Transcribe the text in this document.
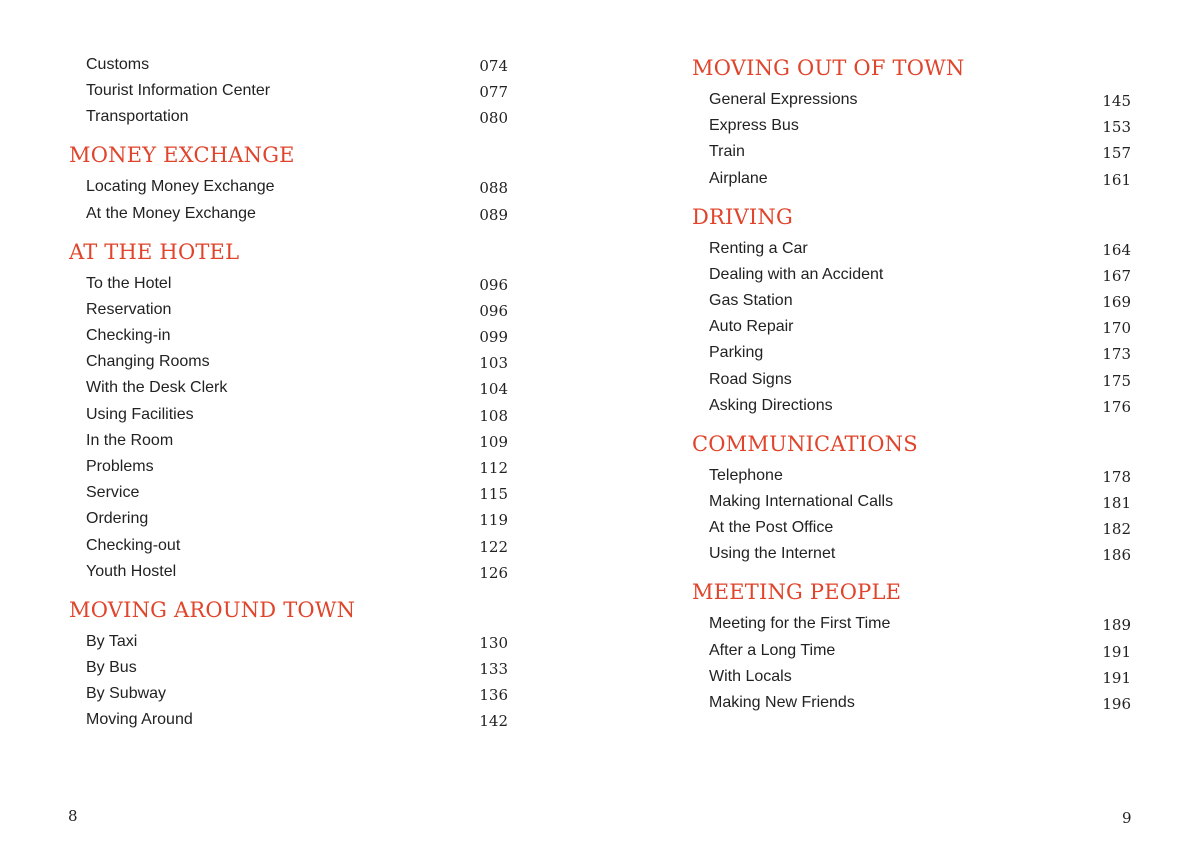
Customs	074
Tourist Information Center	077
Transportation	080
MONEY EXCHANGE
Locating Money Exchange	088
At the Money Exchange	089
AT THE HOTEL
To the Hotel	096
Reservation	096
Checking-in	099
Changing Rooms	103
With the Desk Clerk	104
Using Facilities	108
In the Room	109
Problems	112
Service	115
Ordering	119
Checking-out	122
Youth Hostel	126
MOVING AROUND TOWN
By Taxi	130
By Bus	133
By Subway	136
Moving Around	142
MOVING OUT OF TOWN
General Expressions	145
Express Bus	153
Train	157
Airplane	161
DRIVING
Renting a Car	164
Dealing with an Accident	167
Gas Station	169
Auto Repair	170
Parking	173
Road Signs	175
Asking Directions	176
COMMUNICATIONS
Telephone	178
Making International Calls	181
At the Post Office	182
Using the Internet	186
MEETING PEOPLE
Meeting for the First Time	189
After a Long Time	191
With Locals	191
Making New Friends	196
8	9
